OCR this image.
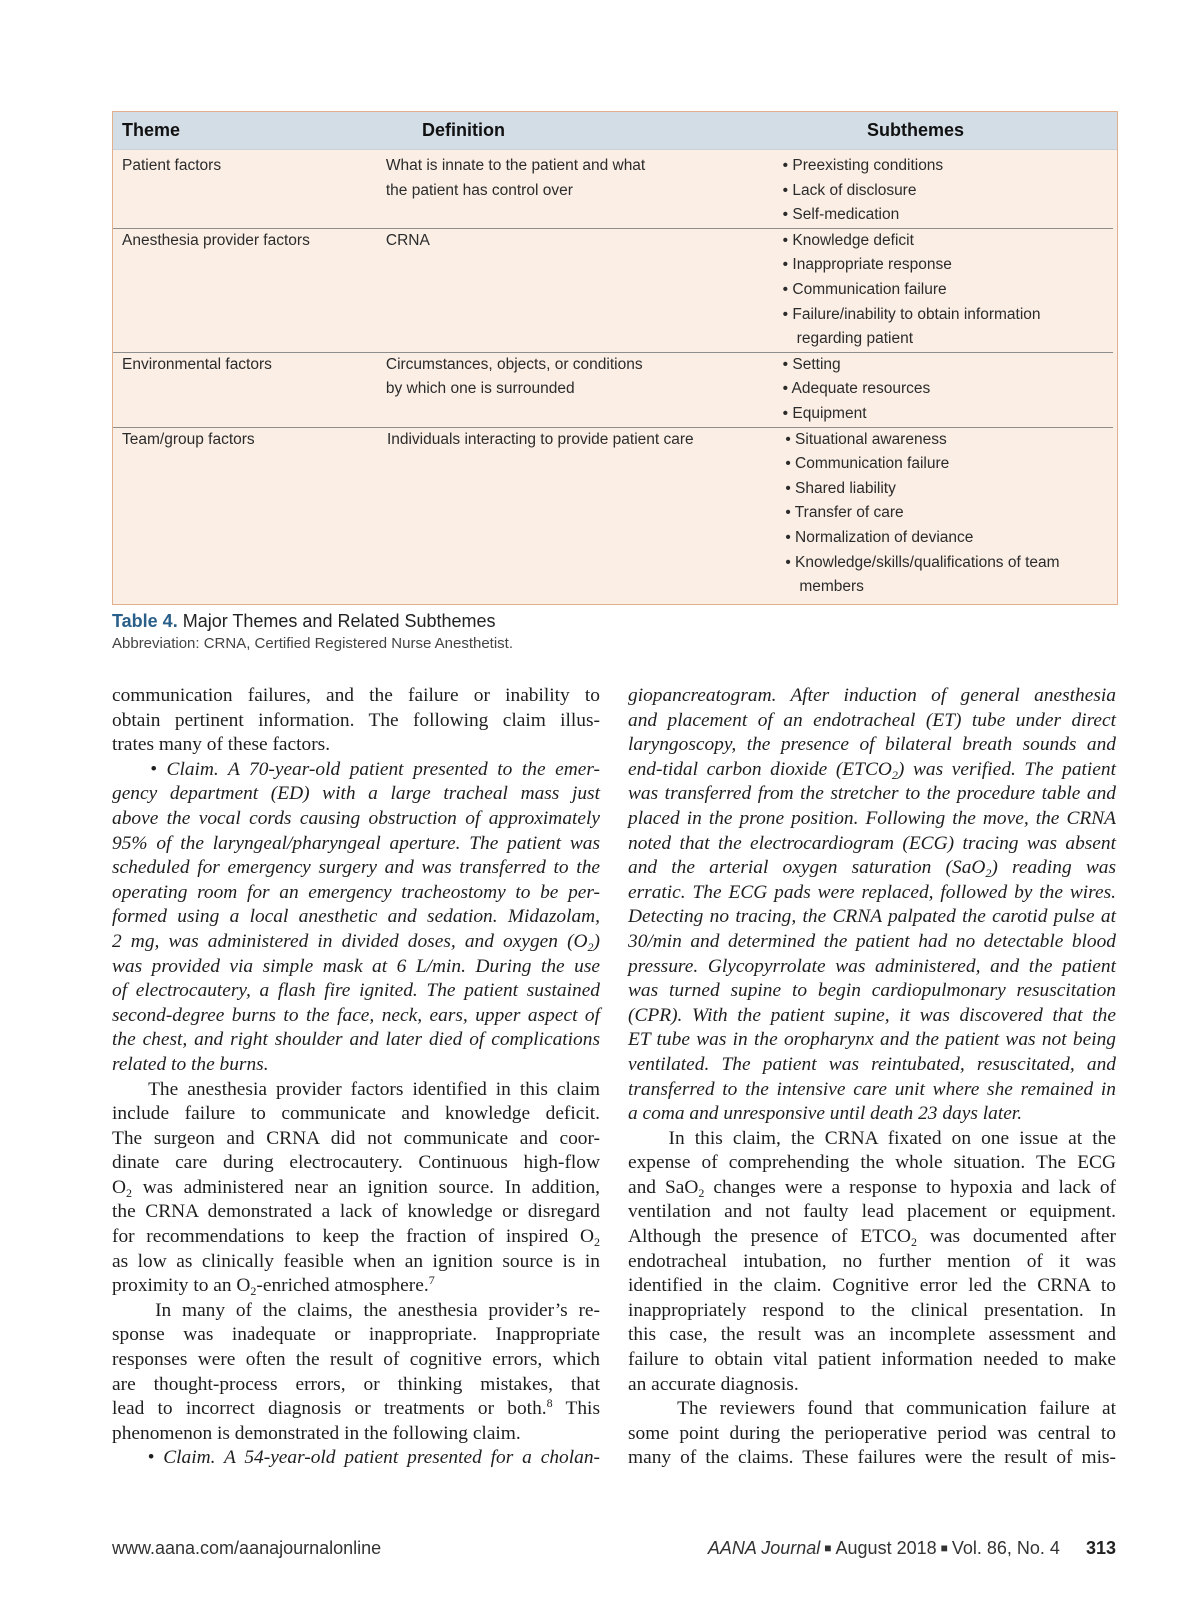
Theme	Definition	Subthemes
Patient factors	What is innate to the patient and what
the patient has control over
• Preexisting conditions
• Lack of disclosure
• Self-medication
Anesthesia provider factors	CRNA	• Knowledge deficit
• Inappropriate response
• Communication failure
• Failure/inability to obtain information
regarding patient
Environmental factors	Circumstances, objects, or conditions
by which one is surrounded
• Setting
• Adequate resources
• Equipment
Team/group factors	Individuals interacting to provide patient care	• Situational awareness
• Communication failure
• Shared liability
• Transfer of care
• Normalization of deviance
• Knowledge/skills/qualifications of team
members
Table 4. Major Themes and Related Subthemes
Abbreviation: CRNA, Certified Registered Nurse Anesthetist.
communication failures, and the failure or inability to
obtain pertinent information. The following claim illus-
trates many of these factors.
• Claim. A 70-year-old patient presented to the emer-
gency department (ED) with a large tracheal mass just
above the vocal cords causing obstruction of approximately
95% of the laryngeal/pharyngeal aperture. The patient was
scheduled for emergency surgery and was transferred to the
operating room for an emergency tracheostomy to be per-
formed using a local anesthetic and sedation. Midazolam,
2 mg, was administered in divided doses, and oxygen $(O_2)$
was provided via simple mask at 6 L/min. During the use
of electrocautery, a flash fire ignited. The patient sustained
second-degree burns to the face, neck, ears, upper aspect of
the chest, and right shoulder and later died of complications
related to the burns.
The anesthesia provider factors identified in this claim
include failure to communicate and knowledge deficit.
The surgeon and CRNA did not communicate and coor-
dinate care during electrocautery. Continuous high-flow
$O_2$ was administered near an ignition source. In addition,
the CRNA demonstrated a lack of knowledge or disregard
for recommendations to keep the fraction of inspired $O_2$
as low as clinically feasible when an ignition source is in
proximity to an $O_2$-enriched atmosphere.$^7$
In many of the claims, the anesthesia provider’s re-
sponse was inadequate or inappropriate. Inappropriate
responses were often the result of cognitive errors, which
are thought-process errors, or thinking mistakes, that
lead to incorrect diagnosis or treatments or both.$^8$ This
phenomenon is demonstrated in the following claim.
• Claim. A 54-year-old patient presented for a cholan-
giopancreatogram. After induction of general anesthesia
and placement of an endotracheal (ET) tube under direct
laryngoscopy, the presence of bilateral breath sounds and
end-tidal carbon dioxide $(ETCO_2)$ was verified. The patient
was transferred from the stretcher to the procedure table and
placed in the prone position. Following the move, the CRNA
noted that the electrocardiogram (ECG) tracing was absent
and the arterial oxygen saturation (SaO$_2$) reading was
erratic. The ECG pads were replaced, followed by the wires.
Detecting no tracing, the CRNA palpated the carotid pulse at
30/min and determined the patient had no detectable blood
pressure. Glycopyrrolate was administered, and the patient
was turned supine to begin cardiopulmonary resuscitation
(CPR). With the patient supine, it was discovered that the
ET tube was in the oropharynx and the patient was not being
ventilated. The patient was reintubated, resuscitated, and
transferred to the intensive care unit where she remained in
a coma and unresponsive until death 23 days later.
In this claim, the CRNA fixated on one issue at the
expense of comprehending the whole situation. The ECG
and SaO$_2$ changes were a response to hypoxia and lack of
ventilation and not faulty lead placement or equipment.
Although the presence of $ETCO_2$ was documented after
endotracheal intubation, no further mention of it was
identified in the claim. Cognitive error led the CRNA to
inappropriately respond to the clinical presentation. In
this case, the result was an incomplete assessment and
failure to obtain vital patient information needed to make
an accurate diagnosis.
The reviewers found that communication failure at
some point during the perioperative period was central to
many of the claims. These failures were the result of mis-
www.aana.com/aanajournalonline	AANA Journal ■ August 2018 ■ Vol. 86, No. 4 313
